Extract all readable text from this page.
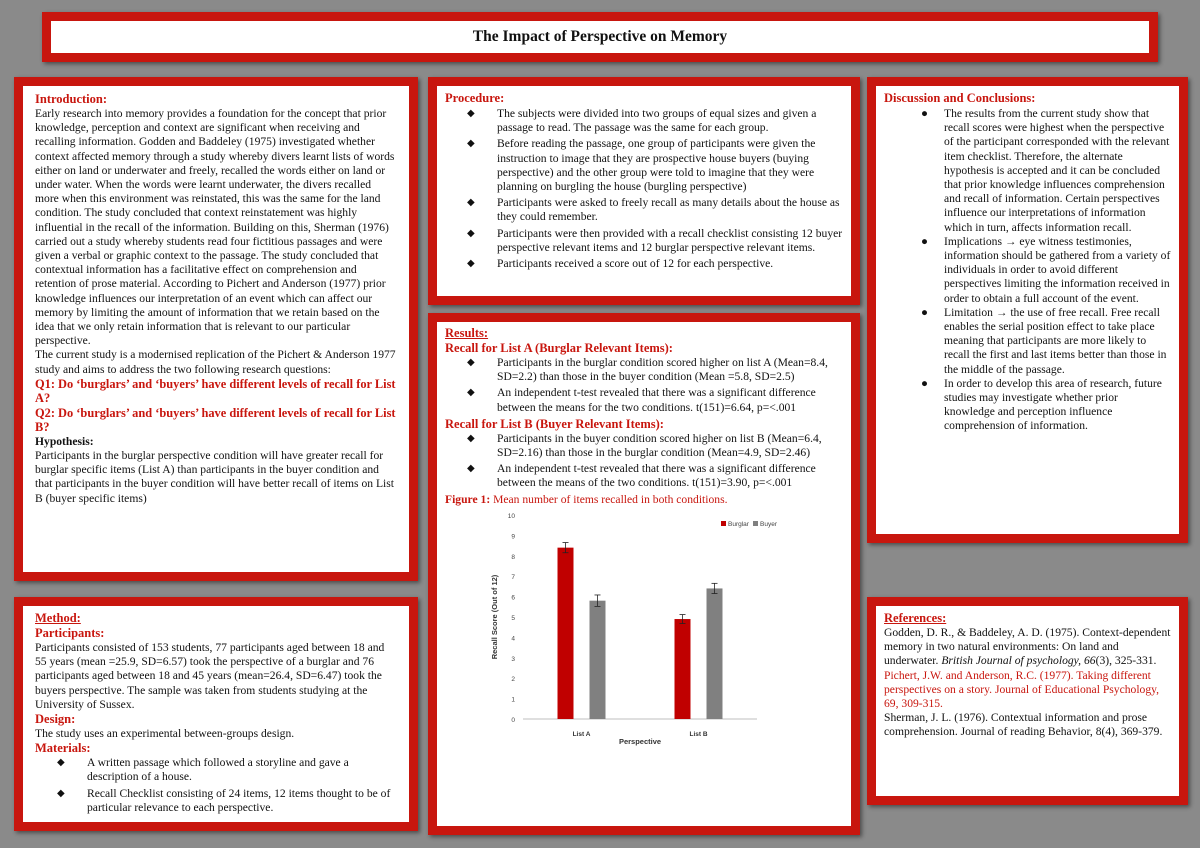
The Impact of Perspective on Memory
Introduction:

Early research into memory provides a foundation for the concept that prior knowledge, perception and context are significant when receiving and recalling information. Godden and Baddeley (1975) investigated whether context affected memory through a study whereby divers learnt lists of words either on land or underwater and freely, recalled the words either on land or under water. When the words were learnt underwater, the divers recalled more when this environment was reinstated, this was the same for the land condition. The study concluded that context reinstatement was highly influential in the recall of the information. Building on this, Sherman (1976) carried out a study whereby students read four fictitious passages and were given a verbal or graphic context to the passage. The study concluded that contextual information has a facilitative effect on comprehension and retention of prose material. According to Pichert and Anderson (1977) prior knowledge influences our interpretation of an event which can affect our memory by limiting the amount of information that we retain based on the idea that we only retain information that is relevant to our particular perspective.

The current study is a modernised replication of the Pichert & Anderson 1977 study and aims to address the two following research questions:

Q1: Do ‘burglars’ and ‘buyers’ have different levels of recall for List A?

Q2: Do ‘burglars’ and ‘buyers’ have different levels of recall for List B?

Hypothesis:

Participants in the burglar perspective condition will have greater recall for burglar specific items (List A) than participants in the buyer condition and that participants in the buyer condition will have better recall of items on List B (buyer specific items)

Method:
Participants:

Participants consisted of 153 students, 77 participants aged between 18 and 55 years (mean =25.9, SD=6.57) took the perspective of a burglar and 76 participants aged between 18 and 45 years (mean=26.4, SD=6.47) took the buyers perspective. The sample was taken from students studying at the University of Sussex.

Design:

The study uses an experimental between-groups design.

Materials:
◆ A written passage which followed a storyline and gave a description of a house.
◆ Recall Checklist consisting of 24 items, 12 items thought to be of particular relevance to each perspective.
Procedure:
◆ The subjects were divided into two groups of equal sizes and given a passage to read. The passage was the same for each group.
◆ Before reading the passage, one group of participants were given the instruction to image that they are prospective house buyers (buying perspective) and the other group were told to imagine that they were planning on burgling the house (burgling perspective)
◆ Participants were asked to freely recall as many details about the house as they could remember.
◆ Participants were then provided with a recall checklist consisting 12 buyer perspective relevant items and 12 burglar perspective relevant items.
◆ Participants received a score out of 12 for each perspective.
Results:
Recall for List A (Burglar Relevant Items):
◆ Participants in the burglar condition scored higher on list A (Mean=8.4, SD=2.2) than those in the buyer condition (Mean =5.8, SD=2.5)
◆ An independent t-test revealed that there was a significant difference between the means for the two conditions. t(151)=6.64, p=<.001
Recall for List B (Buyer Relevant Items):
◆ Participants in the buyer condition scored higher on list B (Mean=6.4, SD=2.16) than those in the burglar condition (Mean=4.9, SD=2.46)
◆ An independent t-test revealed that there was a significant difference between the means of the two conditions. t(151)=3.90, p=<.001

Figure 1: Mean number of items recalled in both conditions.

0
1
2
3
4
5
6
7
8
9
10
List A	List B
Perspective
Recall Score (Out of 12)
Burglar Buyer
Discussion and Conclusions:
● The results from the current study show that recall scores were highest when the perspective of the participant corresponded with the relevant item checklist. Therefore, the alternate hypothesis is accepted and it can be concluded that prior knowledge influences comprehension and recall of information. Certain perspectives influence our interpretations of information which in turn, affects information recall.
● Implications → eye witness testimonies, information should be gathered from a variety of individuals in order to avoid different perspectives limiting the information received in order to obtain a full account of the event.
● Limitation → the use of free recall. Free recall enables the serial position effect to take place meaning that participants are more likely to recall the first and last items better than those in the middle of the passage.
● In order to develop this area of research, future studies may investigate whether prior knowledge and perception influence comprehension of information.
References:

Godden, D. R., & Baddeley, A. D. (1975). Context-dependent memory in two natural environments: On land and underwater. British Journal of psychology, 66(3), 325-331.

Pichert, J.W. and Anderson, R.C. (1977). Taking different perspectives on a story. Journal of Educational Psychology, 69, 309-315.

Sherman, J. L. (1976). Contextual information and prose comprehension. Journal of reading Behavior, 8(4), 369-379.
